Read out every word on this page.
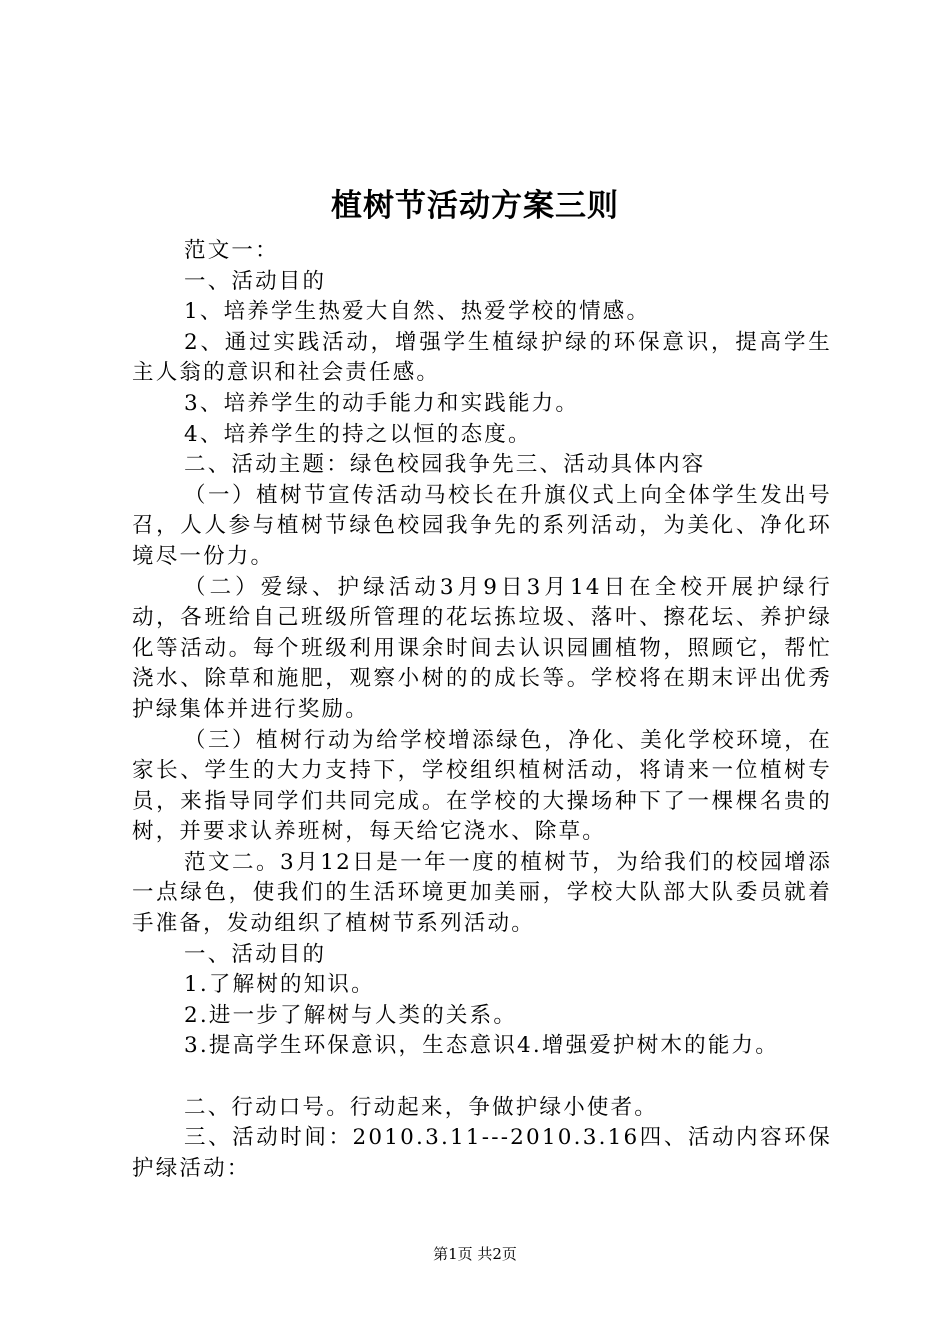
植树节活动方案三则

范文一：

一、活动目的

1、培养学生热爱大自然、热爱学校的情感。

2、通过实践活动，增强学生植绿护绿的环保意识，提高学生主人翁的意识和社会责任感。

3、培养学生的动手能力和实践能力。

4、培养学生的持之以恒的态度。

二、活动主题：绿色校园我争先三、活动具体内容

（一）植树节宣传活动马校长在升旗仪式上向全体学生发出号召，人人参与植树节绿色校园我争先的系列活动，为美化、净化环境尽一份力。

（二）爱绿、护绿活动3月9日3月14日在全校开展护绿行动，各班给自己班级所管理的花坛拣垃圾、落叶、擦花坛、养护绿化等活动。每个班级利用课余时间去认识园圃植物，照顾它，帮忙浇水、除草和施肥，观察小树的的成长等。学校将在期末评出优秀护绿集体并进行奖励。

（三）植树行动为给学校增添绿色，净化、美化学校环境，在家长、学生的大力支持下，学校组织植树活动，将请来一位植树专员，来指导同学们共同完成。在学校的大操场种下了一棵棵名贵的树，并要求认养班树，每天给它浇水、除草。

范文二。3月12日是一年一度的植树节，为给我们的校园增添一点绿色，使我们的生活环境更加美丽，学校大队部大队委员就着手准备，发动组织了植树节系列活动。

一、活动目的

1.了解树的知识。

2.进一步了解树与人类的关系。

3.提高学生环保意识，生态意识4.增强爱护树木的能力。

二、行动口号。行动起来，争做护绿小使者。

三、活动时间：2010.3.11---2010.3.16四、活动内容环保护绿活动：

第1页 共2页
